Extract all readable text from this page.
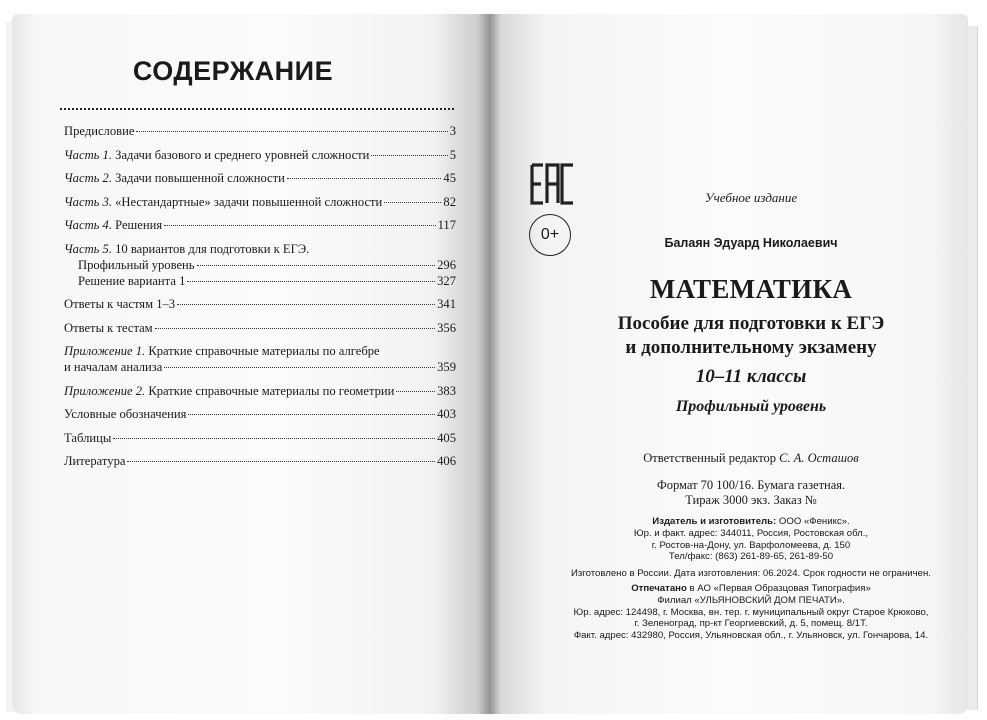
СОДЕРЖАНИЕ
Предисловие	3
Часть 1. Задачи базового и среднего уровней сложности	5
Часть 2. Задачи повышенной сложности	45
Часть 3. «Нестандартные» задачи повышенной сложности	82
Часть 4. Решения	117
Часть 5. 10 вариантов для подготовки к ЕГЭ.
Профильный уровень	296
Решение варианта 1	327
Ответы к частям 1–3	341
Ответы к тестам	356
Приложение 1. Краткие справочные материалы по алгебре
и началам анализа	359
Приложение 2. Краткие справочные материалы по геометрии	383
Условные обозначения	403
Таблицы	405
Литература	406
0+
Учебное издание
Балаян Эдуард Николаевич
МАТЕМАТИКА
Пособие для подготовки к ЕГЭ
и дополнительному экзамену
10–11 классы
Профильный уровень
Ответственный редактор С. А. Осташов
Формат 70 100/16. Бумага газетная.
Тираж 3000 экз. Заказ №
Издатель и изготовитель: ООО «Феникс».
Юр. и факт. адрес: 344011, Россия, Ростовская обл.,
г. Ростов-на-Дону, ул. Варфоломеева, д. 150
Тел/факс: (863) 261-89-65, 261-89-50
Изготовлено в России. Дата изготовления: 06.2024. Срок годности не ограничен.
Отпечатано в АО «Первая Образцовая Типография»
Филиал «УЛЬЯНОВСКИЙ ДОМ ПЕЧАТИ».
Юр. адрес: 124498, г. Москва, вн. тер. г. муниципальный округ Старое Крюково,
г. Зеленоград, пр-кт Георгиевский, д. 5, помещ. 8/1Т.
Факт. адрес: 432980, Россия, Ульяновская обл., г. Ульяновск, ул. Гончарова, 14.
